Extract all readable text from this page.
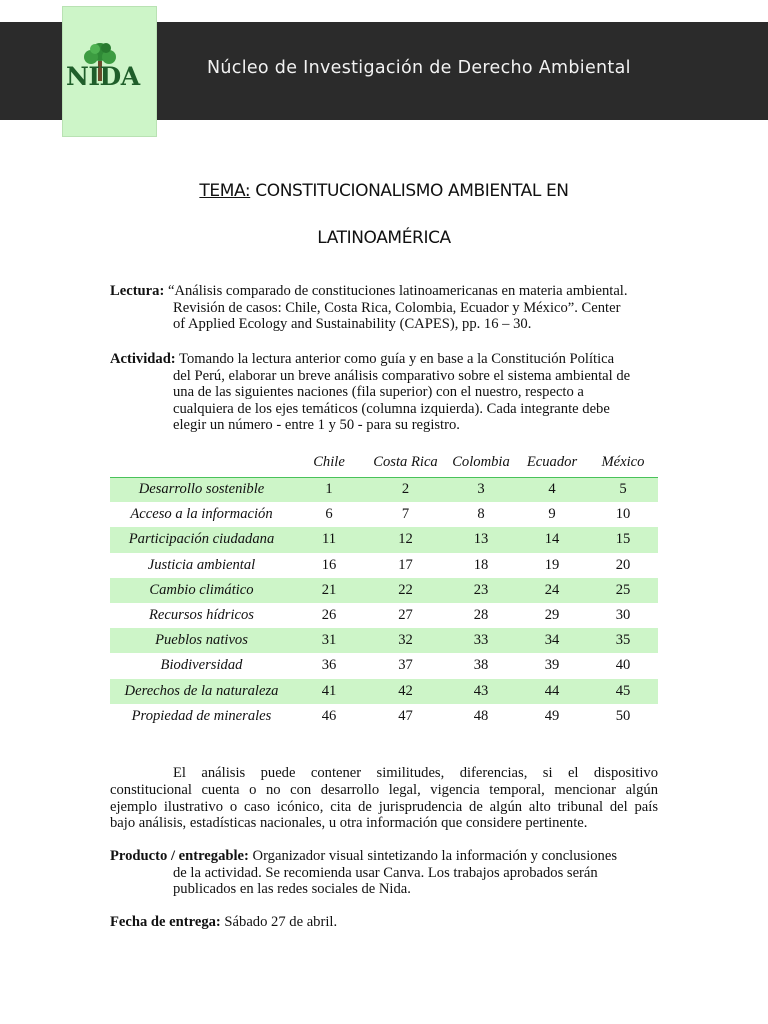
Núcleo de Investigación de Derecho Ambiental
NIDA
TEMA: CONSTITUCIONALISMO AMBIENTAL EN
LATINOAMÉRICA
Lectura: “Análisis comparado de constituciones latinoamericanas en materia ambiental.
Revisión de casos: Chile, Costa Rica, Colombia, Ecuador y México”. Center
of Applied Ecology and Sustainability (CAPES), pp. 16 – 30.
Actividad: Tomando la lectura anterior como guía y en base a la Constitución Política
del Perú, elaborar un breve análisis comparativo sobre el sistema ambiental de
una de las siguientes naciones (fila superior) con el nuestro, respecto a
cualquiera de los ejes temáticos (columna izquierda). Cada integrante debe
elegir un número - entre 1 y 50 - para su registro.
	Chile	Costa Rica	Colombia	Ecuador	México
Desarrollo sostenible	1	2	3	4	5
Acceso a la información	6	7	8	9	10
Participación ciudadana	11	12	13	14	15
Justicia ambiental	16	17	18	19	20
Cambio climático	21	22	23	24	25
Recursos hídricos	26	27	28	29	30
Pueblos nativos	31	32	33	34	35
Biodiversidad	36	37	38	39	40
Derechos de la naturaleza	41	42	43	44	45
Propiedad de minerales	46	47	48	49	50
El análisis puede contener similitudes, diferencias, si el dispositivo
constitucional cuenta o no con desarrollo legal, vigencia temporal, mencionar algún
ejemplo ilustrativo o caso icónico, cita de jurisprudencia de algún alto tribunal del país
bajo análisis, estadísticas nacionales, u otra información que considere pertinente.
Producto / entregable: Organizador visual sintetizando la información y conclusiones
de la actividad. Se recomienda usar Canva. Los trabajos aprobados serán
publicados en las redes sociales de Nida.
Fecha de entrega: Sábado 27 de abril.
